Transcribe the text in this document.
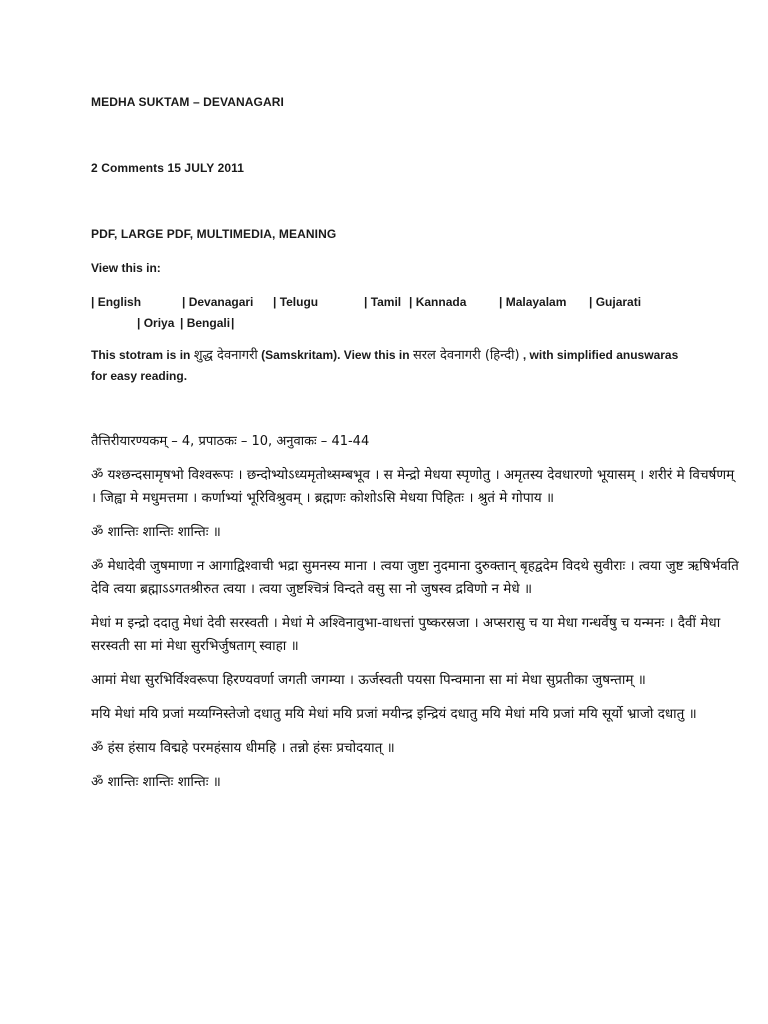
MEDHA SUKTAM – DEVANAGARI
2 Comments 15 JULY 2011
PDF, LARGE PDF, MULTIMEDIA, MEANING
View this in:
| English	| Devanagari | Telugu	| Tamil | Kannada	| Malayalam | Gujarati
| Oriya | Bengali |
This stotram is in शुद्ध देवनागरी (Samskritam). View this in सरल देवनागरी (हिन्दी) , with simplified anuswaras for easy reading.

तैत्तिरीयारण्यकम् – 4, प्रपाठकः – 10, अनुवाकः – 41-44

ॐ यश्छन्दसामृषभो विश्वरूपः । छन्दोभ्योऽध्यमृतोथ्सम्बभूव । स मेन्द्रो मेधया स्पृणोतु । अमृतस्य देवधारणो भूयासम् । शरीरं मे विचर्षणम् । जिह्वा मे मधुमत्तमा । कर्णाभ्यां भूरिविश्रुवम् । ब्रह्मणः कोशोऽसि मेधया पिहितः । श्रुतं मे गोपाय ॥

ॐ शान्तिः शान्तिः शान्तिः ॥

ॐ मेधादेवी जुषमाणा न आगाद्विश्वाची भद्रा सुमनस्य माना । त्वया जुष्टा नुदमाना दुरुक्तान् बृहद्वदेम विदथे सुवीराः । त्वया जुष्ट ऋषिर्भवति देवि त्वया ब्रह्माऽऽगतश्रीरुत त्वया । त्वया जुष्टश्चित्रं विन्दते वसु सा नो जुषस्व द्रविणो न मेधे ॥

मेधां म इन्द्रो ददातु मेधां देवी सरस्वती । मेधां मे अश्विनावुभा-वाधत्तां पुष्करस्रजा । अप्सरासु च या मेधा गन्धर्वेषु च यन्मनः । दैवीं मेधा सरस्वती सा मां मेधा सुरभिर्जुषताग् स्वाहा ॥

आमां मेधा सुरभिर्विश्वरूपा हिरण्यवर्णा जगती जगम्या । ऊर्जस्वती पयसा पिन्वमाना सा मां मेधा सुप्रतीका जुषन्ताम् ॥

मयि मेधां मयि प्रजां मय्यग्निस्तेजो दधातु मयि मेधां मयि प्रजां मयीन्द्र इन्द्रियं दधातु मयि मेधां मयि प्रजां मयि सूर्यो भ्राजो दधातु ॥

ॐ हंस हंसाय विद्महे परमहंसाय धीमहि । तन्नो हंसः प्रचोदयात् ॥

ॐ शान्तिः शान्तिः शान्तिः ॥
